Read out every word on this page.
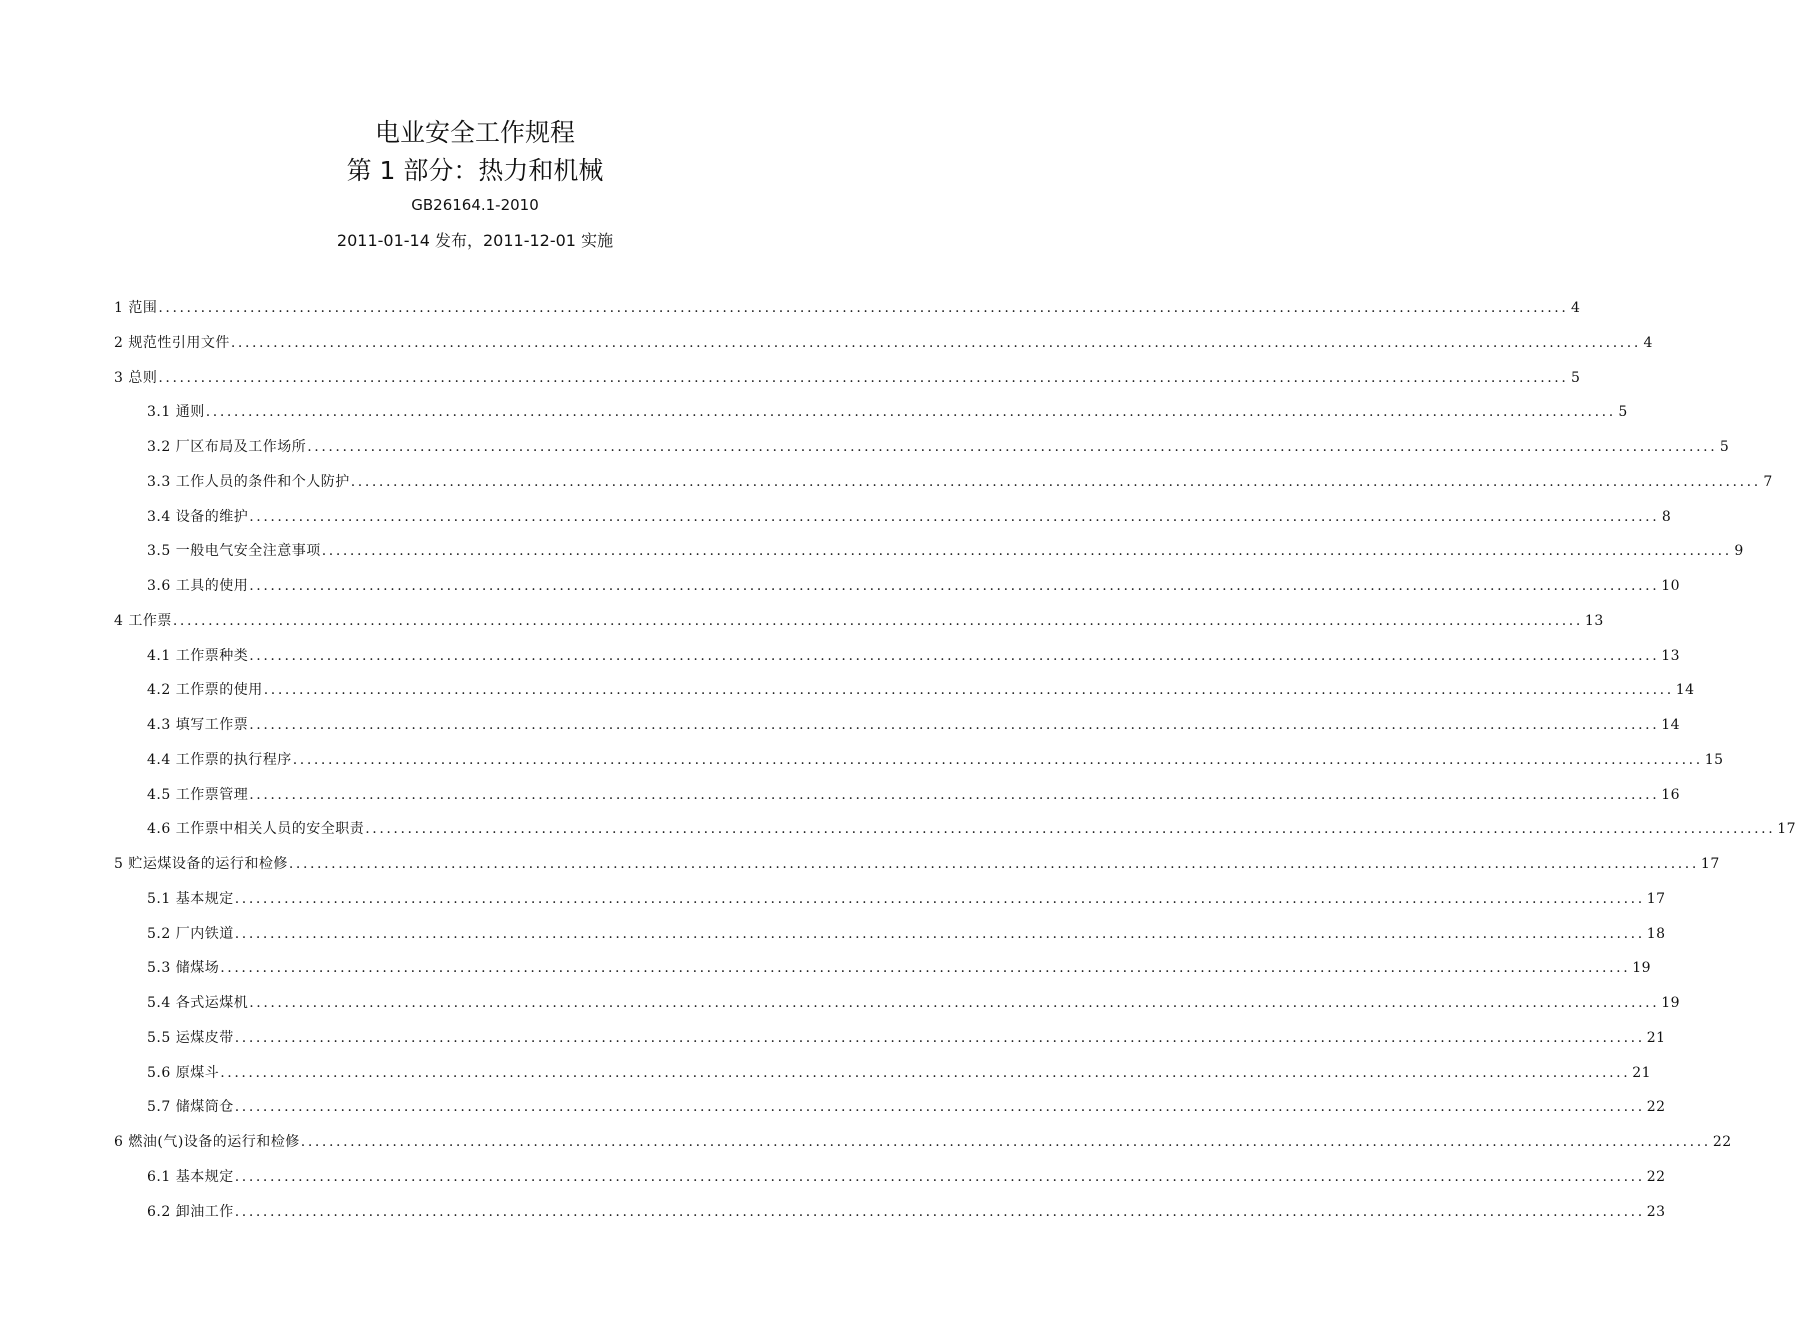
电业安全工作规程
第 1 部分：热力和机械
GB26164.1-2010
2011-01-14 发布，2011-12-01 实施
1 范围 ........................................................................................................................................................................................................ 4
2 规范性引用文件 ........................................................................................................................................................................................................ 4
3 总则 ........................................................................................................................................................................................................ 5
3.1 通则 ........................................................................................................................................................................................................ 5
3.2 厂区布局及工作场所 ........................................................................................................................................................................................................ 5
3.3 工作人员的条件和个人防护 ........................................................................................................................................................................................................ 7
3.4 设备的维护 ........................................................................................................................................................................................................ 8
3.5 一般电气安全注意事项 ........................................................................................................................................................................................................ 9
3.6 工具的使用 ........................................................................................................................................................................................................ 10
4 工作票 ........................................................................................................................................................................................................ 13
4.1 工作票种类 ........................................................................................................................................................................................................ 13
4.2 工作票的使用 ........................................................................................................................................................................................................ 14
4.3 填写工作票 ........................................................................................................................................................................................................ 14
4.4 工作票的执行程序 ........................................................................................................................................................................................................ 15
4.5 工作票管理 ........................................................................................................................................................................................................ 16
4.6 工作票中相关人员的安全职责 ........................................................................................................................................................................................................ 17
5 贮运煤设备的运行和检修 ........................................................................................................................................................................................................ 17
5.1 基本规定 ........................................................................................................................................................................................................ 17
5.2 厂内铁道 ........................................................................................................................................................................................................ 18
5.3 储煤场 ........................................................................................................................................................................................................ 19
5.4 各式运煤机 ........................................................................................................................................................................................................ 19
5.5 运煤皮带 ........................................................................................................................................................................................................ 21
5.6 原煤斗 ........................................................................................................................................................................................................ 21
5.7 储煤筒仓 ........................................................................................................................................................................................................ 22
6 燃油(气)设备的运行和检修 ........................................................................................................................................................................................................ 22
6.1 基本规定 ........................................................................................................................................................................................................ 22
6.2 卸油工作 ........................................................................................................................................................................................................ 23
